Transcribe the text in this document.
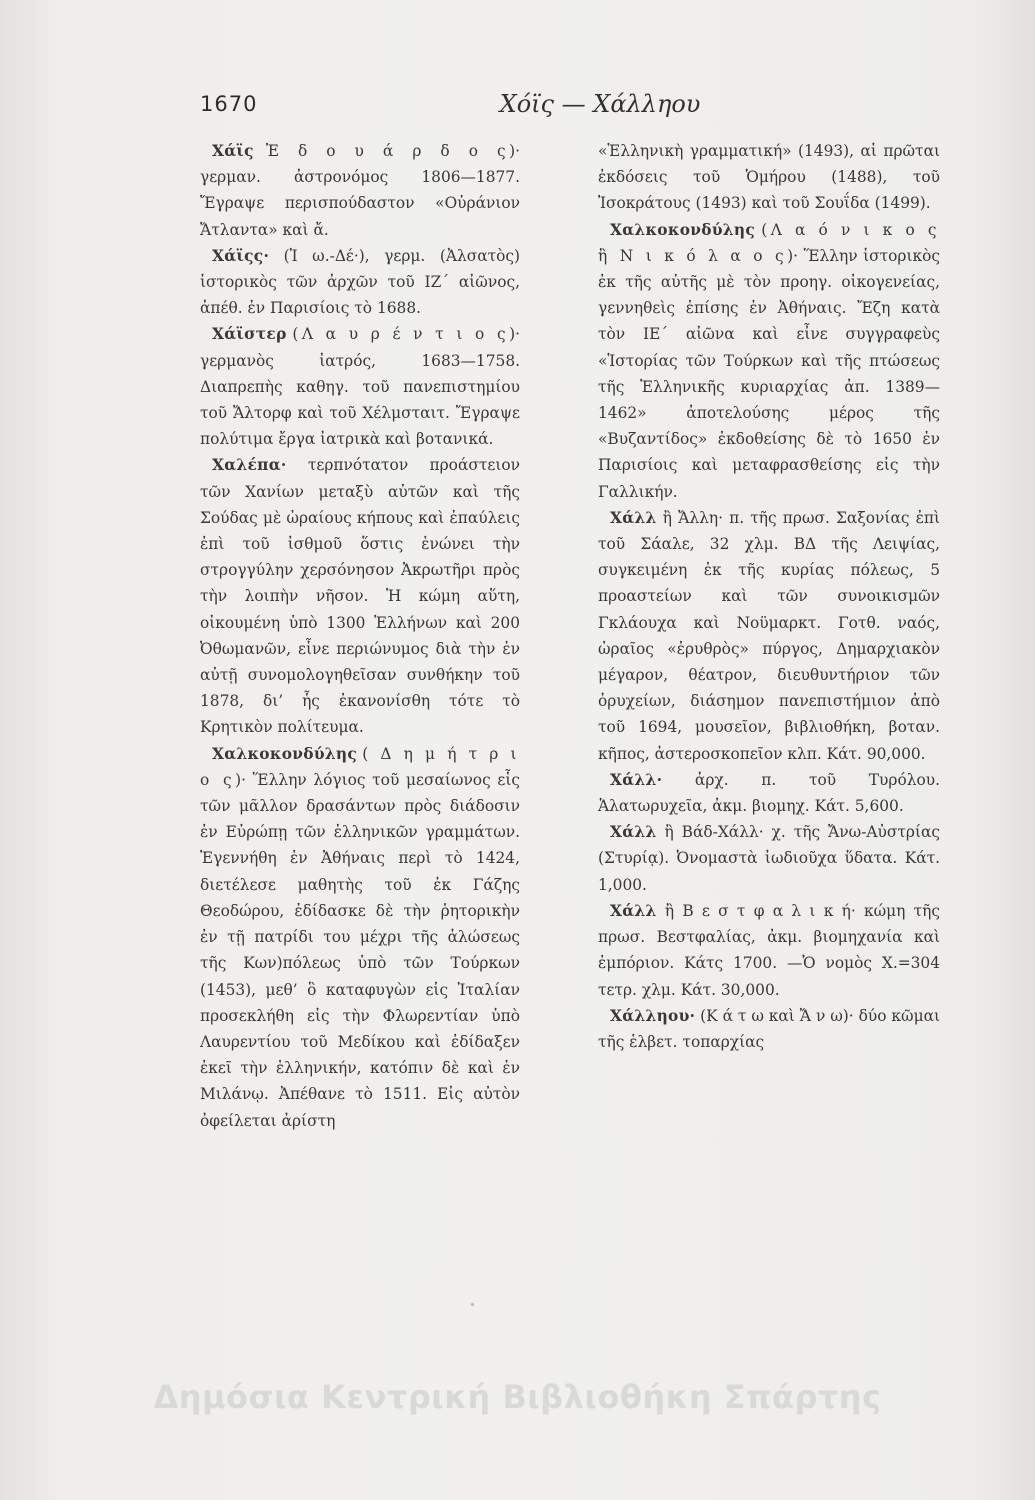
1670	Χόϊς — Χάλληου

Χάϊς Ἐ δ ο υ ά ρ δ ο ς)· γερμαν. ἀστρονόμος 1806—1877. Ἔγραψε περισπούδαστον «Οὐράνιον Ἄτλαντα» καὶ ἄ.

Χάϊςς· (Ἰ ω.-Δέ·), γερμ. (Ἀλσατὸς) ἱστορικὸς τῶν ἀρχῶν τοῦ ΙΖ΄ αἰῶνος, ἀπέθ. ἐν Παρισίοις τὸ 1688.

Χάϊστερ (Λ α υ ρ έ ν τ ι ο ς)· γερμανὸς ἰατρός, 1683—1758. Διαπρεπὴς καθηγ. τοῦ πανεπιστημίου τοῦ Ἄλτορφ καὶ τοῦ Χέλμσταιτ. Ἔγραψε πολύτιμα ἔργα ἰατρικὰ καὶ βοτανικά.

Χαλέπα· τερπνότατον προάστειον τῶν Χανίων μεταξὺ αὐτῶν καὶ τῆς Σούδας μὲ ὡραίους κήπους καὶ ἐπαύλεις ἐπὶ τοῦ ἰσθμοῦ ὅστις ἑνώνει τὴν στρογγύλην χερσόνησον Ἀκρωτῆρι πρὸς τὴν λοιπὴν νῆσον. Ἡ κώμη αὕτη, οἰκουμένη ὑπὸ 1300 Ἑλλήνων καὶ 200 Ὀθωμανῶν, εἶνε περιώνυμος διὰ τὴν ἐν αὐτῇ συνομολογηθεῖσαν συνθήκην τοῦ 1878, δι’ ἧς ἐκανονίσθη τότε τὸ Κρητικὸν πολίτευμα.

Χαλκοκονδύλης ( Δ η μ ή τ ρ ι ο ς)· Ἕλλην λόγιος τοῦ μεσαίωνος εἷς τῶν μᾶλλον δρασάντων πρὸς διάδοσιν ἐν Εὐρώπῃ τῶν ἑλληνικῶν γραμμάτων. Ἐγεννήθη ἐν Ἀθήναις περὶ τὸ 1424, διετέλεσε μαθητὴς τοῦ ἐκ Γάζης Θεοδώρου, ἐδίδασκε δὲ τὴν ῥητορικὴν ἐν τῇ πατρίδι του μέχρι τῆς ἁλώσεως τῆς Κων)πόλεως ὑπὸ τῶν Τούρκων (1453), μεθ’ ὃ καταφυγὼν εἰς Ἰταλίαν προσεκλήθη εἰς τὴν Φλωρεντίαν ὑπὸ Λαυρεντίου τοῦ Μεδίκου καὶ ἐδίδαξεν ἐκεῖ τὴν ἑλληνικήν, κατόπιν δὲ καὶ ἐν Μιλάνῳ. Ἀπέθανε τὸ 1511. Εἰς αὐτὸν ὀφείλεται ἀρίστη

«Ἑλληνικὴ γραμματική» (1493), αἱ πρῶται ἐκδόσεις τοῦ Ὁμήρου (1488), τοῦ Ἰσοκράτους (1493) καὶ τοῦ Σουΐδα (1499).

Χαλκοκονδύλης (Λ α ό ν ι κ ο ς ἢ Ν ι κ ό λ α ο ς)· Ἕλλην ἱστορικὸς ἐκ τῆς αὐτῆς μὲ τὸν προηγ. οἰκογενείας, γεννηθεὶς ἐπίσης ἐν Ἀθήναις. Ἔζη κατὰ τὸν ΙΕ΄ αἰῶνα καὶ εἶνε συγγραφεὺς «Ἱστορίας τῶν Τούρκων καὶ τῆς πτώσεως τῆς Ἑλληνικῆς κυριαρχίας ἀπ. 1389—1462» ἀποτελούσης μέρος τῆς «Βυζαντίδος» ἐκδοθείσης δὲ τὸ 1650 ἐν Παρισίοις καὶ μεταφρασθείσης εἰς τὴν Γαλλικήν.

Χάλλ ἢ Ἄλλη· π. τῆς πρωσ. Σαξονίας ἐπὶ τοῦ Σάαλε, 32 χλμ. ΒΔ τῆς Λειψίας, συγκειμένη ἐκ τῆς κυρίας πόλεως, 5 προαστείων καὶ τῶν συνοικισμῶν Γκλάουχα καὶ Νοϋμαρκτ. Γοτθ. ναός, ὡραῖος «ἐρυθρὸς» πύργος, Δημαρχιακὸν μέγαρον, θέατρον, διευθυντήριον τῶν ὀρυχείων, διάσημον πανεπιστήμιον ἀπὸ τοῦ 1694, μουσεῖον, βιβλιοθήκη, βοταν. κῆπος, ἀστεροσκοπεῖον κλπ. Κάτ. 90,000.

Χάλλ· ἀρχ. π. τοῦ Τυρόλου. Ἁλατωρυχεῖα, ἀκμ. βιομηχ. Κάτ. 5,600.

Χάλλ ἢ Βάδ-Χάλλ· χ. τῆς Ἄνω-Αὐστρίας (Στυρίᾳ). Ὀνομαστὰ ἰωδιοῦχα ὕδατα. Κάτ. 1,000.

Χάλλ ἢ Β ε σ τ φ α λ ι κ ή· κώμη τῆς πρωσ. Βεστφαλίας, ἀκμ. βιομηχανία καὶ ἐμπόριον. Κάτς 1700. —Ὁ νομὸς Χ.=304 τετρ. χλμ. Κάτ. 30,000.

Χάλληου· (Κ ά τ ω καὶ Ἄ ν ω)· δύο κῶμαι τῆς ἑλβετ. τοπαρχίας

Δημόσια Κεντρική Βιβλιοθήκη Σπάρτης
